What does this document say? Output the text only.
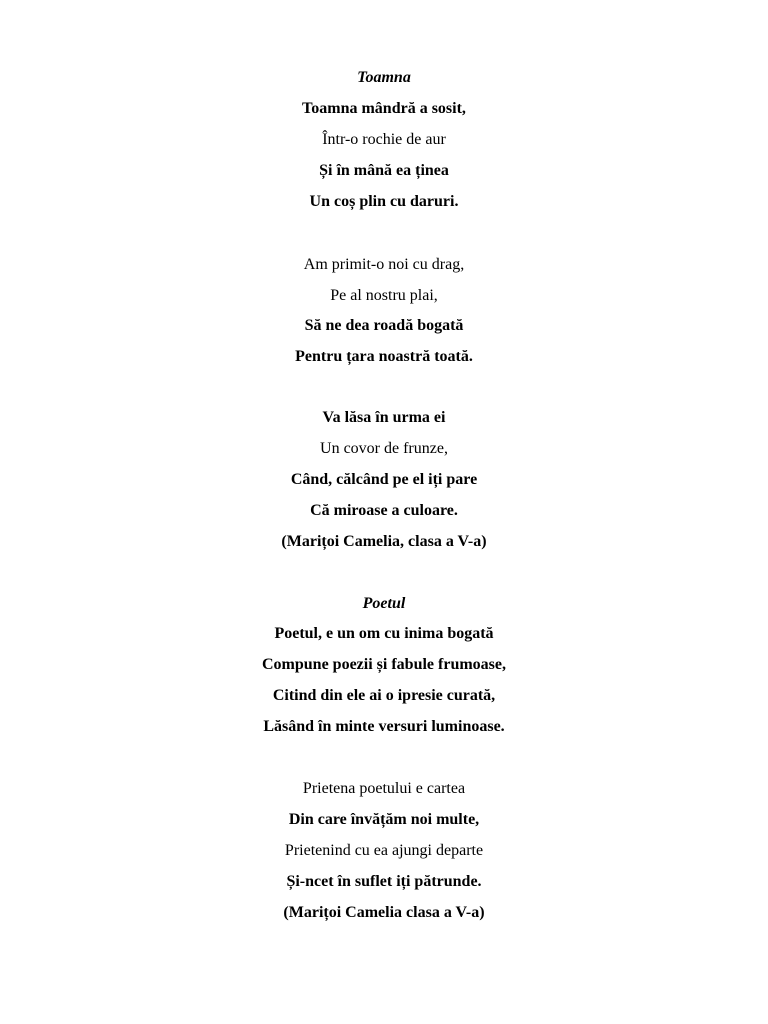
Toamna
Toamna mândră a sosit,
Într-o rochie de aur
Și în mână ea ținea
Un coș plin cu daruri.
Am primit-o noi cu drag,
Pe al nostru plai,
Să ne dea roadă bogată
Pentru țara noastră toată.
Va lăsa în urma ei
Un covor de frunze,
Când, călcând pe el iți pare
Că miroase a culoare.
(Marițoi Camelia, clasa a V-a)
Poetul
Poetul, e un om cu inima bogată
Compune poezii și fabule frumoase,
Citind din ele ai o ipresie curată,
Lăsând în minte versuri luminoase.
Prietena poetului e cartea
Din care învățăm noi multe,
Prietenind cu ea ajungi departe
Și-ncet în suflet iți pătrunde.
(Marițoi Camelia clasa a V-a)
